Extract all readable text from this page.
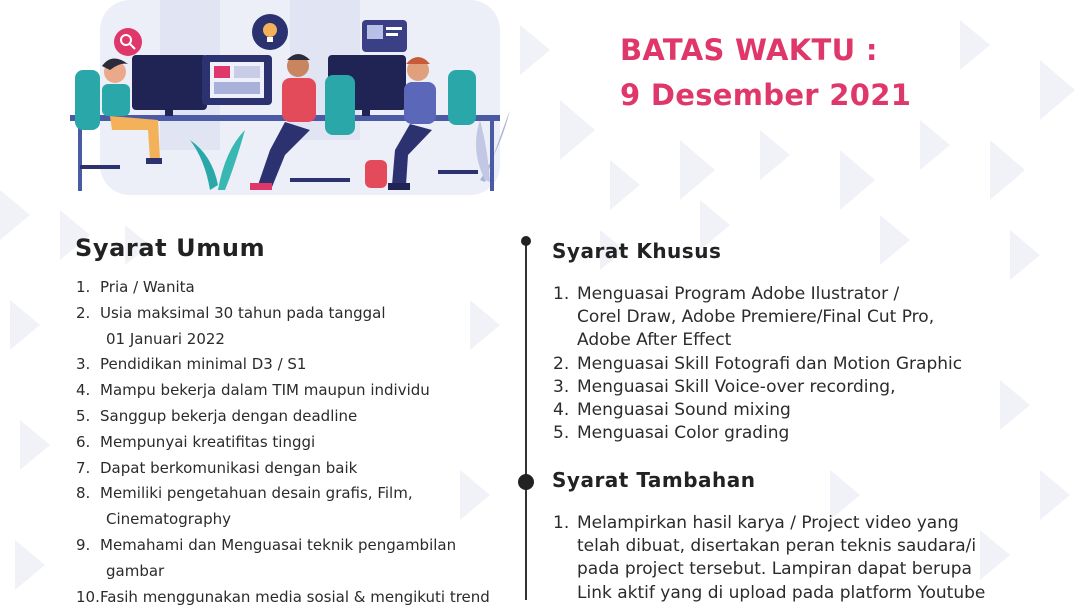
BATAS WAKTU :
9 Desember 2021
Syarat Umum
1. Pria / Wanita
2. Usia maksimal 30 tahun pada tanggal
01 Januari 2022
3. Pendidikan minimal D3 / S1
4. Mampu bekerja dalam TIM maupun individu
5. Sanggup bekerja dengan deadline
6. Mempunyai kreatifitas tinggi
7. Dapat berkomunikasi dengan baik
8. Memiliki pengetahuan desain grafis, Film,
Cinematography
9. Memahami dan Menguasai teknik pengambilan
gambar
10.Fasih menggunakan media sosial & mengikuti trend
Syarat Khusus
1. Menguasai Program Adobe Ilustrator /
Corel Draw, Adobe Premiere/Final Cut Pro,
Adobe After Effect
2. Menguasai Skill Fotografi dan Motion Graphic
3. Menguasai Skill Voice-over recording,
4. Menguasai Sound mixing
5. Menguasai Color grading
Syarat Tambahan
1. Melampirkan hasil karya / Project video yang
telah dibuat, disertakan peran teknis saudara/i
pada project tersebut. Lampiran dapat berupa
Link aktif yang di upload pada platform Youtube
